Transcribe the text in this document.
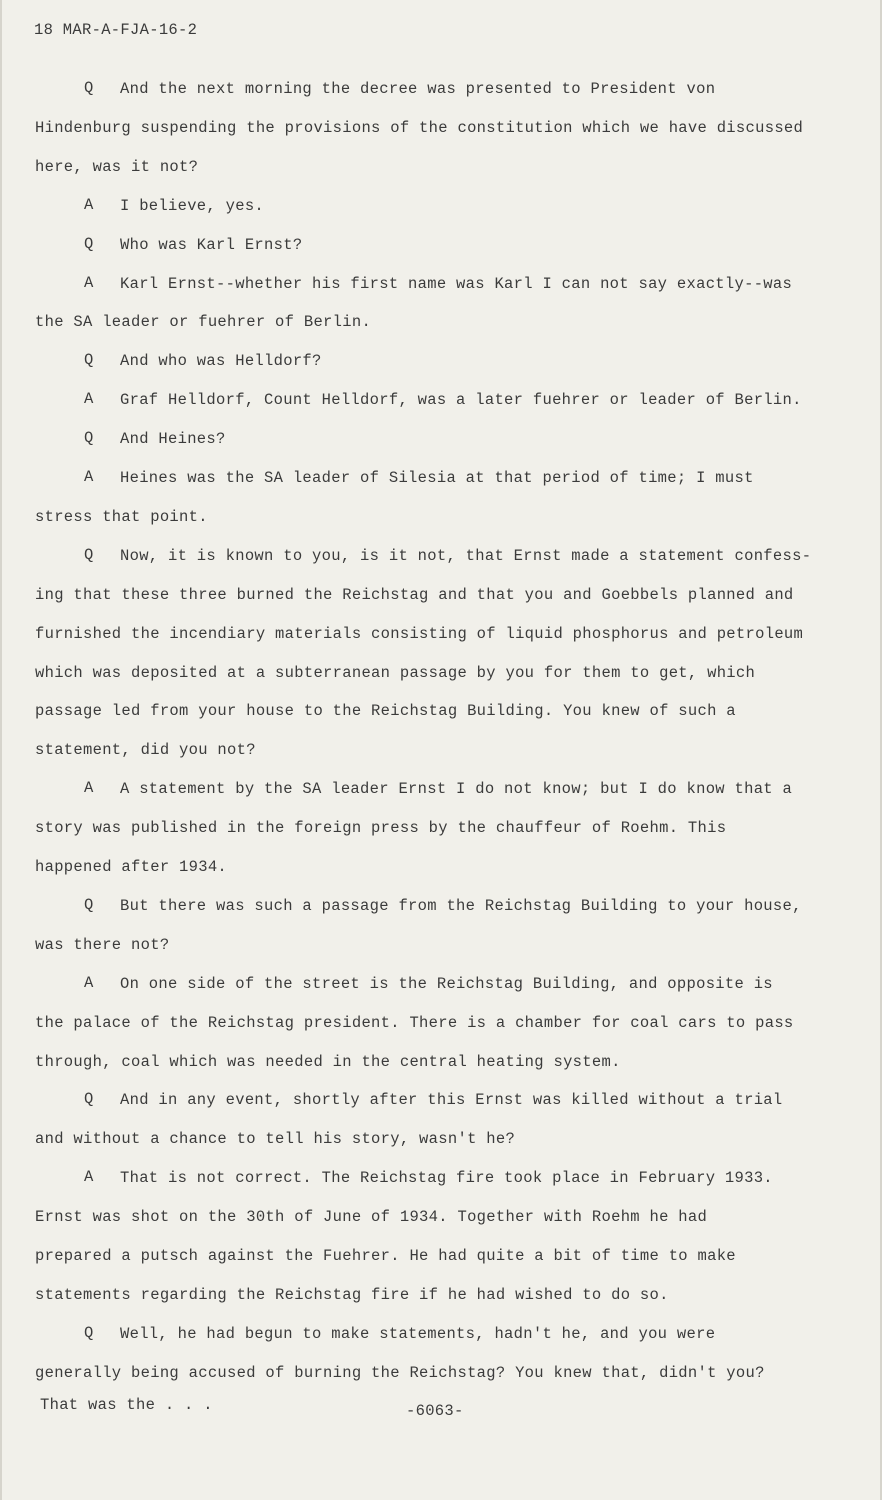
18 MAR-A-FJA-16-2
That was the . . .	-6063-
Q And the next morning the decree was presented to President von
Hindenburg suspending the provisions of the constitution which we have discussed
here, was it not?
A I believe, yes.
Q Who was Karl Ernst?
A Karl Ernst--whether his first name was Karl I can not say exactly--was
the SA leader or fuehrer of Berlin.
Q And who was Helldorf?
A Graf Helldorf, Count Helldorf, was a later fuehrer or leader of Berlin.
Q And Heines?
A Heines was the SA leader of Silesia at that period of time; I must
stress that point.
Q Now, it is known to you, is it not, that Ernst made a statement confess-
ing that these three burned the Reichstag and that you and Goebbels planned and
furnished the incendiary materials consisting of liquid phosphorus and petroleum
which was deposited at a subterranean passage by you for them to get, which
passage led from your house to the Reichstag Building. You knew of such a
statement, did you not?
A A statement by the SA leader Ernst I do not know; but I do know that a
story was published in the foreign press by the chauffeur of Roehm. This
happened after 1934.
Q But there was such a passage from the Reichstag Building to your house,
was there not?
A On one side of the street is the Reichstag Building, and opposite is
the palace of the Reichstag president. There is a chamber for coal cars to pass
through, coal which was needed in the central heating system.
Q And in any event, shortly after this Ernst was killed without a trial
and without a chance to tell his story, wasn't he?
A That is not correct. The Reichstag fire took place in February 1933.
Ernst was shot on the 30th of June of 1934. Together with Roehm he had
prepared a putsch against the Fuehrer. He had quite a bit of time to make
statements regarding the Reichstag fire if he had wished to do so.
Q Well, he had begun to make statements, hadn't he, and you were
generally being accused of burning the Reichstag? You knew that, didn't you?
